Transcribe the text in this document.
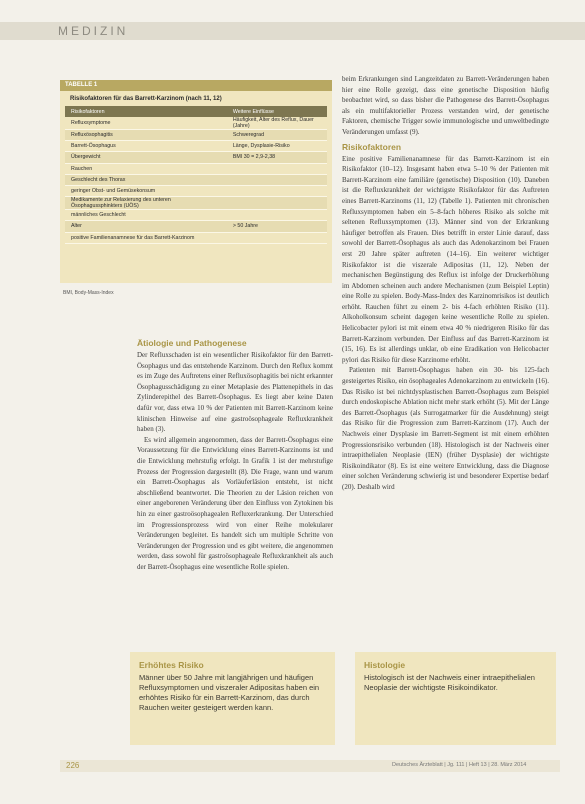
MEDIZIN
TABELLE 1
Risikofaktoren für das Barrett-Karzinom (nach 11, 12)
Risikofaktoren	Weitere Einflüsse
Refluxsymptome	Häufigkeit, Alter des Reflux, Dauer (Jahre)
Refluxösophagitis	Schweregrad
Barrett-Ösophagus	Länge, Dysplasie-Risiko
Übergewicht	BMI 30 = 2,9-2,38
Rauchen	
Geschlecht des Thorax	
geringer Obst- und Gemüsekonsum	
Medikamente zur Relaxierung des unteren Ösophagussphinkters (UÖS)	
männliches Geschlecht	
Alter	> 50 Jahre
positive Familienanamnese für das Barrett-Karzinom	
BMI, Body-Mass-Index
Ätiologie und Pathogenese

Der Refluxschaden ist ein wesentlicher Risikofaktor für den Barrett-Ösophagus und das entstehende Karzinom. Durch den Reflux kommt es im Zuge des Auftretens einer Refluxösophagitis bei nicht erkannter Ösophagusschädigung zu einer Metaplasie des Plattenepithels in das Zylinderepithel des Barrett-Ösophagus. Es liegt aber keine Daten dafür vor, dass etwa 10 % der Patienten mit Barrett-Karzinom keine klinischen Hinweise auf eine gastroösophageale Refluxkrankheit haben (3).

Es wird allgemein angenommen, dass der Barrett-Ösophagus eine Voraussetzung für die Entwicklung eines Barrett-Karzinoms ist und die Entwicklung mehrstufig erfolgt. In Grafik 1 ist der mehrstufige Prozess der Progression dargestellt (8). Die Frage, wann und warum ein Barrett-Ösophagus als Vorläuferläsion entsteht, ist nicht abschließend beantwortet. Die Theorien zu der Läsion reichen von einer angeborenen Veränderung über den Einfluss von Zytokinen bis hin zu einer gastroösophagealen Refluxerkrankung. Der Unterschied im Progressionsprozess wird von einer Reihe molekularer Veränderungen begleitet. Es handelt sich um multiple Schritte von Veränderungen der Progression und es gibt weitere, die angenommen werden, dass sowohl für gastroösophageale Refluxkrankheit als auch der Barrett-Ösophagus eine wesentliche Rolle spielen.

beim Erkrankungen sind Langzeitdaten zu Barrett-Veränderungen haben hier eine Rolle gezeigt, dass eine genetische Disposition häufig beobachtet wird, so dass bisher die Pathogenese des Barrett-Ösophagus als ein multifaktorieller Prozess verstanden wird, der genetische Faktoren, chemische Trigger sowie immunologische und umweltbedingte Veränderungen umfasst (9).

Risikofaktoren

Eine positive Familienanamnese für das Barrett-Karzinom ist ein Risikofaktor (10–12). Insgesamt haben etwa 5–10 % der Patienten mit Barrett-Karzinom eine familiäre (genetische) Disposition (10). Daneben ist die Refluxkrankheit der wichtigste Risikofaktor für das Auftreten eines Barrett-Karzinoms (11, 12) (Tabelle 1). Patienten mit chronischen Refluxsymptomen haben ein 5–8-fach höheres Risiko als solche mit seltenen Refluxsymptomen (13). Männer sind von der Erkrankung häufiger betroffen als Frauen. Dies betrifft in erster Linie darauf, dass sowohl der Barrett-Ösophagus als auch das Adenokarzinom bei Frauen erst 20 Jahre später auftreten (14–16). Ein weiterer wichtiger Risikofaktor ist die viszerale Adipositas (11, 12). Neben der mechanischen Begünstigung des Reflux ist infolge der Druckerhöhung im Abdomen scheinen auch andere Mechanismen (zum Beispiel Leptin) eine Rolle zu spielen. Body-Mass-Index des Karzinomrisikos ist deutlich erhöht. Rauchen führt zu einem 2- bis 4-fach erhöhten Risiko (11). Alkoholkonsum scheint dagegen keine wesentliche Rolle zu spielen. Helicobacter pylori ist mit einem etwa 40 % niedrigeren Risiko für das Barrett-Karzinom verbunden. Der Einfluss auf das Barrett-Karzinom ist (15, 16). Es ist allerdings unklar, ob eine Eradikation von Helicobacter pylori das Risiko für diese Karzinome erhöht.

Patienten mit Barrett-Ösophagus haben ein 30- bis 125-fach gesteigertes Risiko, ein ösophageales Adenokarzinom zu entwickeln (16). Das Risiko ist bei nichtdysplastischen Barrett-Ösophagus zum Beispiel durch endoskopische Ablation nicht mehr stark erhöht (5). Mit der Länge des Barrett-Ösophagus (als Surrogatmarker für die Ausdehnung) steigt das Risiko für die Progression zum Barrett-Karzinom (17). Auch der Nachweis einer Dysplasie im Barrett-Segment ist mit einem erhöhten Progressionsrisiko verbunden (18). Histologisch ist der Nachweis einer intraepithelialen Neoplasie (IEN) (früher Dysplasie) der wichtigste Risikoindikator (8). Es ist eine weitere Entwicklung, dass die Diagnose einer solchen Veränderung schwierig ist und besonderer Expertise bedarf (20). Deshalb wird

Erhöhtes Risiko
Männer über 50 Jahre mit langjährigen und häufigen Refluxsymptomen und viszeraler Adipositas haben ein erhöhtes Risiko für ein Barrett-Karzinom, das durch Rauchen weiter gesteigert werden kann.
Histologie
Histologisch ist der Nachweis einer intraepithelialen Neoplasie der wichtigste Risikoindikator.
226	Deutsches Ärzteblatt | Jg. 111 | Heft 13 | 28. März 2014
